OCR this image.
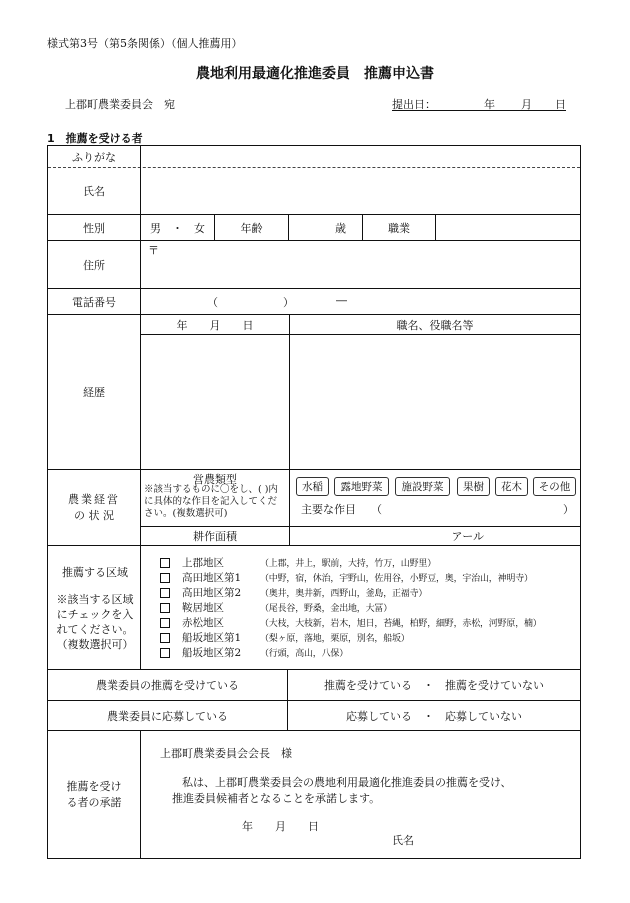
様式第3号（第5条関係）（個人推薦用）
農地利用最適化推進委員　推薦申込書
上郡町農業委員会　宛	提出日：	年 月 日
1　推薦を受ける者
ふりがな
氏名
性別	男　・　女	年齢	歳	職業
住所
〒
電話番号	（	）	―
経歴
年　　月　　日	職名、役職名等
農業経営
の 状 況
営農類型
※該当するものに〇をし、( )内に具体的な作目を記入してください。(複数選択可)
水稲	露地野菜	施設野菜	果樹	花木	その他
主要な作目 （	）
耕作面積	アール
推薦する区域
※該当する区域
にチェックを入
れてください。
（複数選択可）
上郡地区	（上郡，井上，駅前，大持，竹万，山野里）
高田地区第1	（中野，宿，休治，宇野山，佐用谷，小野豆，奥，宇治山，神明寺）
高田地区第2	（奥井，奥井新，西野山，釜島，正福寺）
鞍居地区	（尾長谷，野桑，金出地，大冨）
赤松地区	（大枝，大枝新，岩木，旭日，苔縄，柏野，細野，赤松，河野原，楠）
船坂地区第1	（梨ヶ原，落地，栗原，別名，船坂）
船坂地区第2	（行頭，高山，八保）
農業委員の推薦を受けている	推薦を受けている　・　推薦を受けていない
農業委員に応募している	応募している　・　応募していない
推薦を受け
る者の承諾
上郡町農業委員会会長　様
私は、上郡町農業委員会の農地利用最適化推進委員の推薦を受け、
推進委員候補者となることを承諾します。
年　　月　　日
氏名
